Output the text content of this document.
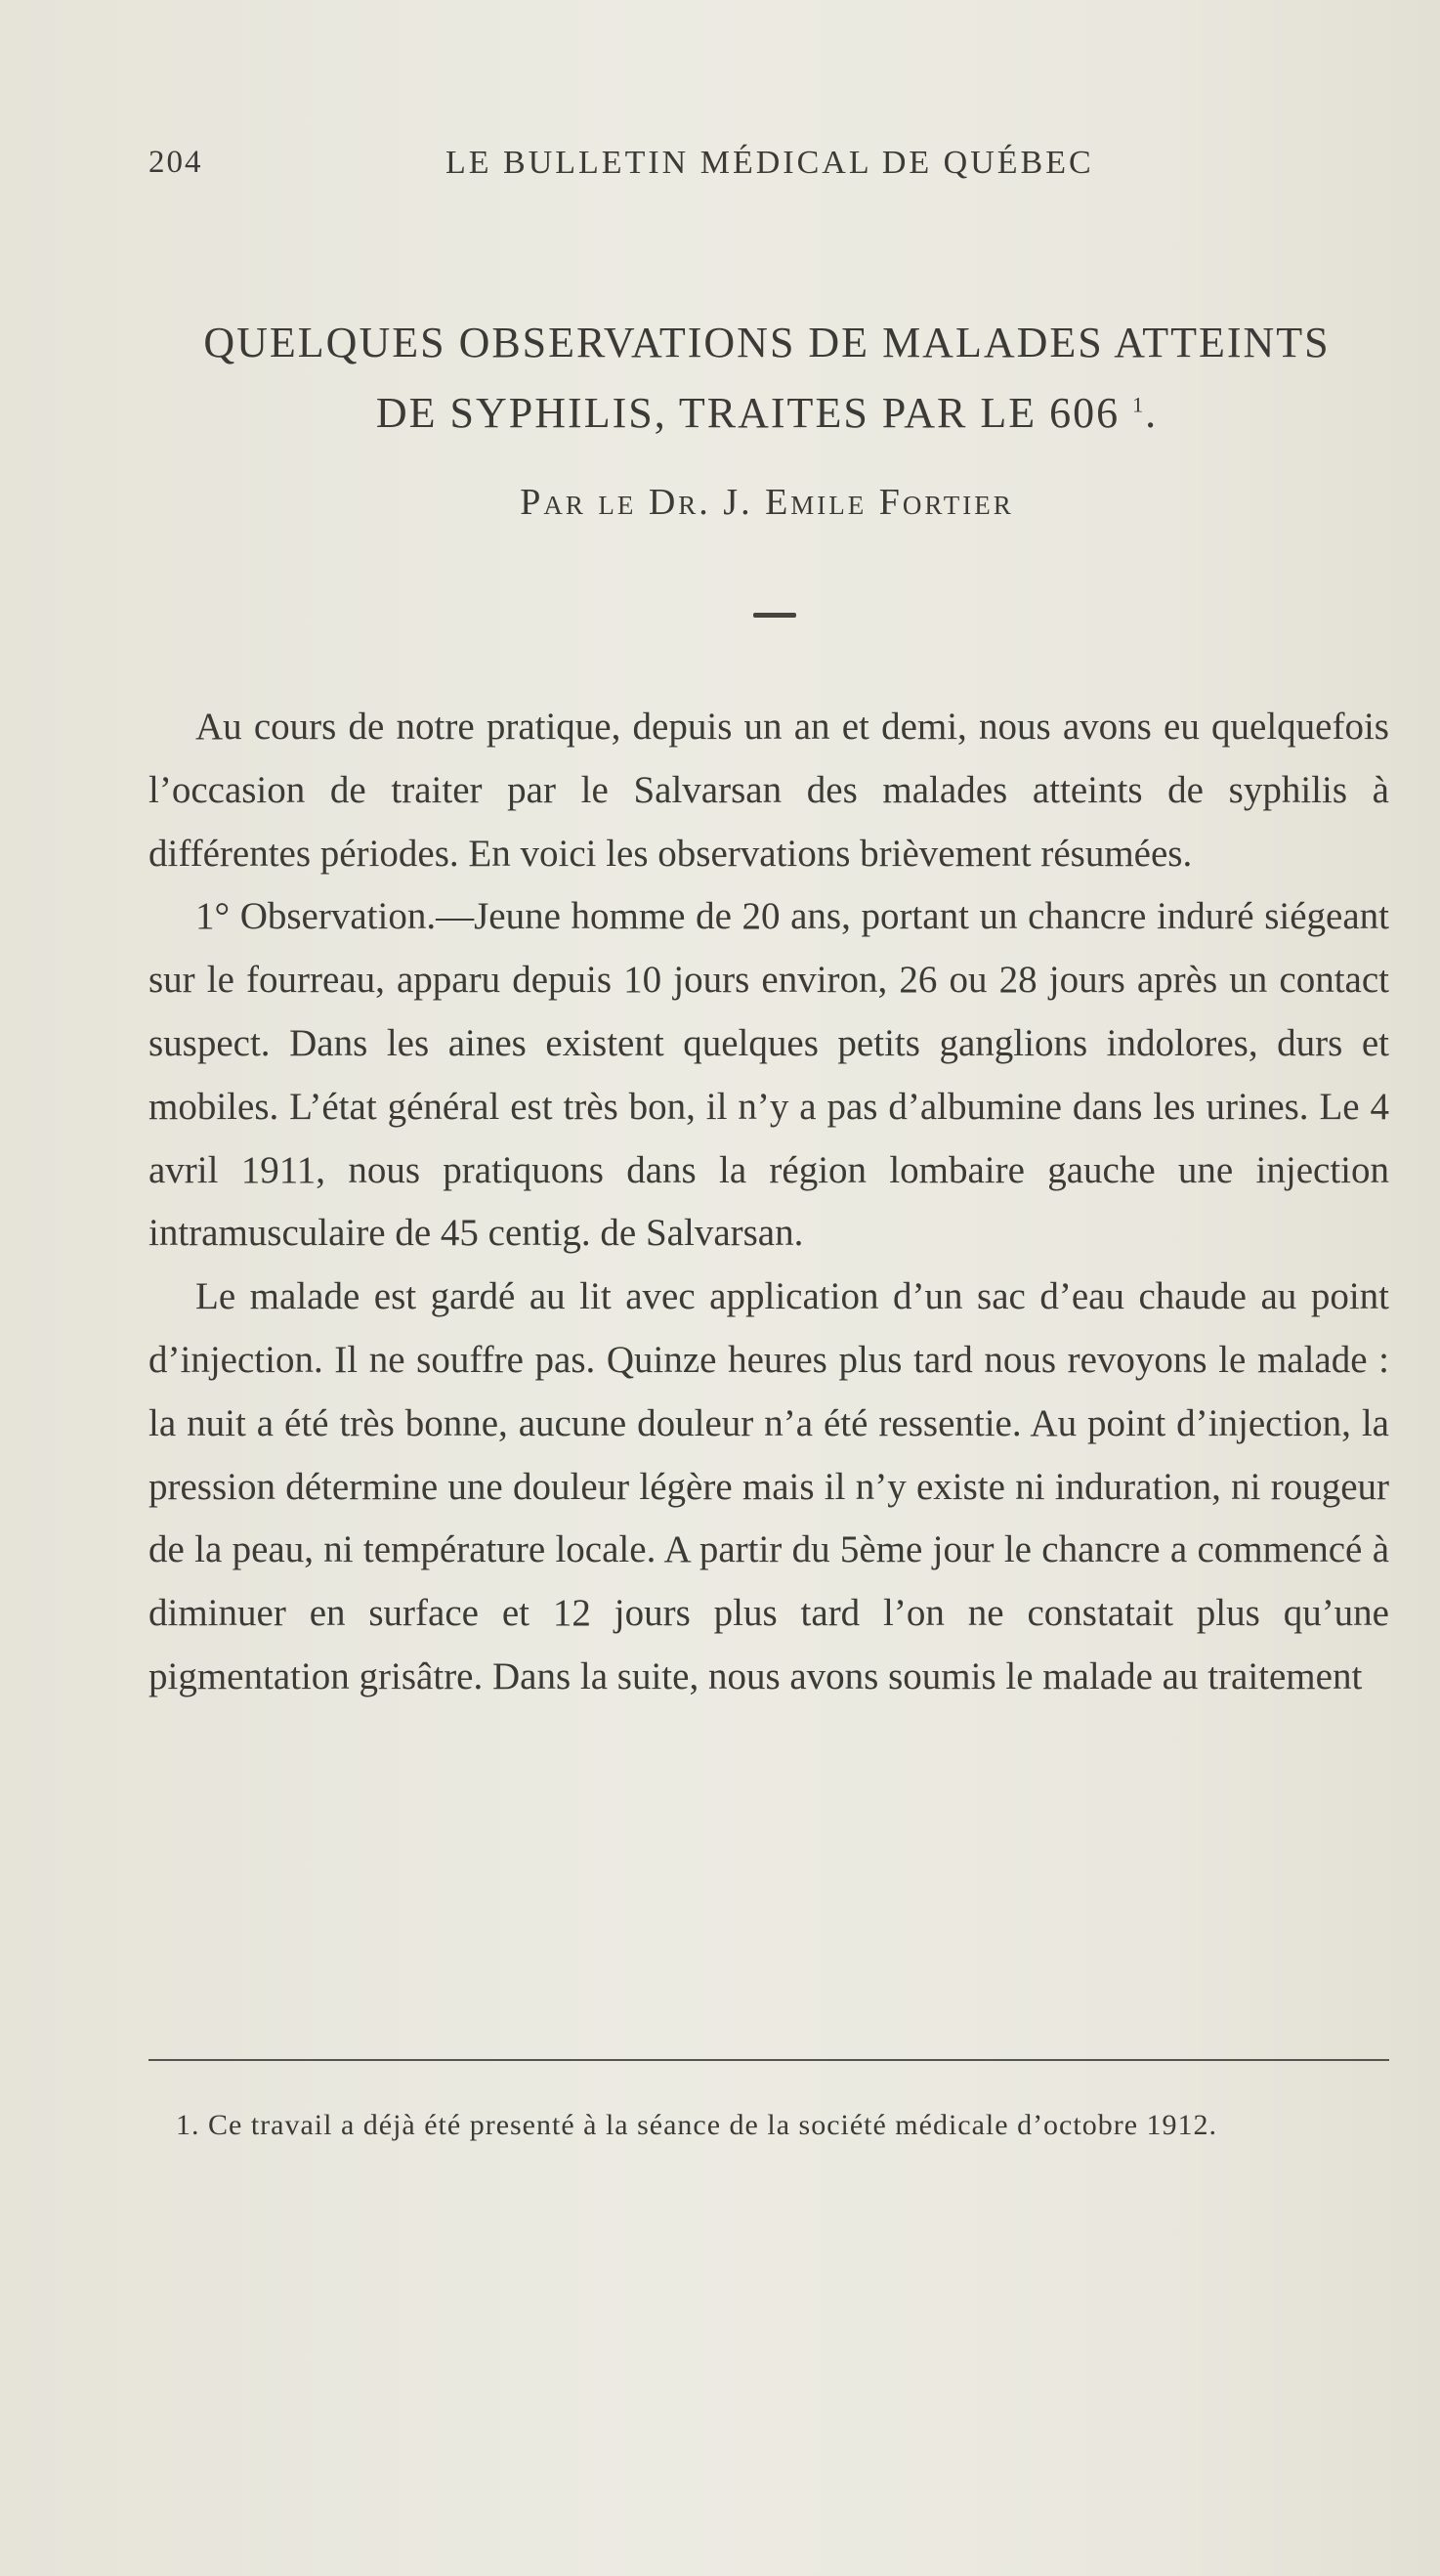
204	LE BULLETIN MÉDICAL DE QUÉBEC
QUELQUES OBSERVATIONS DE MALADES ATTEINTS
DE SYPHILIS, TRAITES PAR LE 606 $^1$.
Par le Dr. J. Emile Fortier

Au cours de notre pratique, depuis un an et demi, nous avons eu quelquefois l’occasion de traiter par le Salvarsan des malades atteints de syphilis à différentes périodes. En voici les observations brièvement résumées.

1° Observation.—Jeune homme de 20 ans, portant un chancre induré siégeant sur le fourreau, apparu depuis 10 jours environ, 26 ou 28 jours après un contact suspect. Dans les aines existent quelques petits ganglions indolores, durs et mobiles. L’état général est très bon, il n’y a pas d’albumine dans les urines. Le 4 avril 1911, nous pratiquons dans la région lombaire gauche une injection intramusculaire de 45 centig. de Salvarsan.

Le malade est gardé au lit avec application d’un sac d’eau chaude au point d’injection. Il ne souffre pas. Quinze heures plus tard nous revoyons le malade : la nuit a été très bonne, aucune douleur n’a été ressentie. Au point d’injection, la pression détermine une douleur légère mais il n’y existe ni induration, ni rougeur de la peau, ni température locale. A partir du 5ème jour le chancre a commencé à diminuer en surface et 12 jours plus tard l’on ne constatait plus qu’une pigmentation grisâtre. Dans la suite, nous avons soumis le malade au traitement

1. Ce travail a déjà été presenté à la séance de la société médicale d’octobre 1912.
